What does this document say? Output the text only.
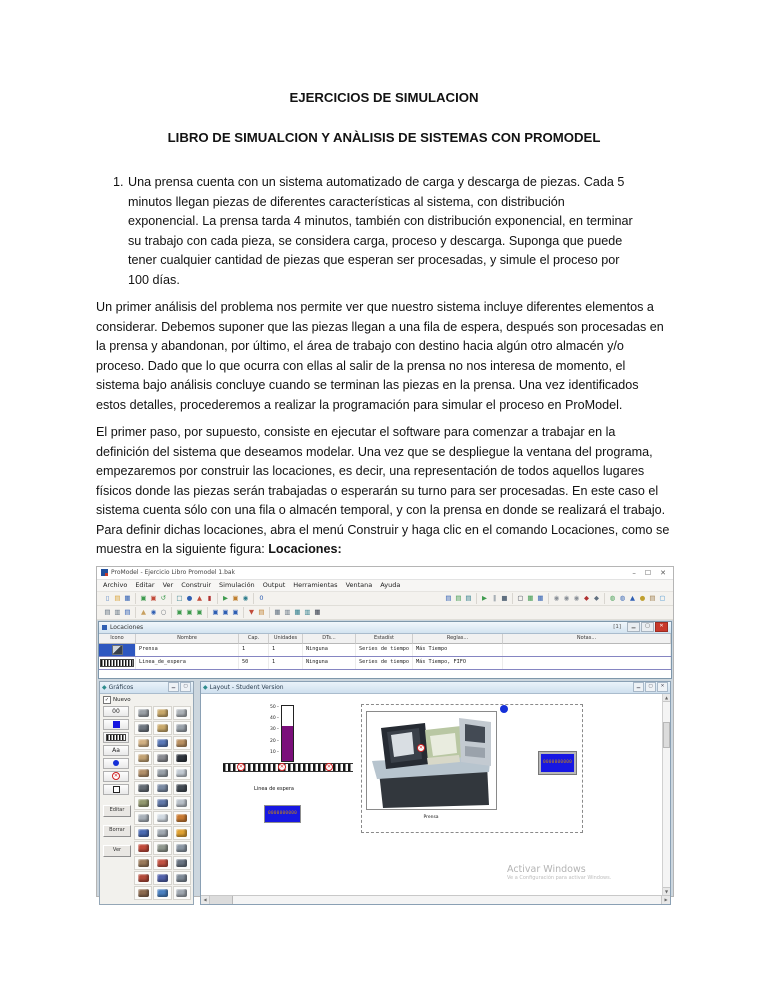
EJERCICIOS DE SIMULACION
LIBRO DE SIMUALCION Y ANÀLISIS DE SISTEMAS CON PROMODEL
1. Una prensa cuenta con un sistema automatizado de carga y descarga de piezas. Cada 5 minutos llegan piezas de diferentes características al sistema, con distribución exponencial. La prensa tarda 4 minutos, también con distribución exponencial, en terminar su trabajo con cada pieza, se considera carga, proceso y descarga. Suponga que puede tener cualquier cantidad de piezas que esperan ser procesadas, y simule el proceso por 100 días.

Un primer análisis del problema nos permite ver que nuestro sistema incluye diferentes elementos a considerar. Debemos suponer que las piezas llegan a una fila de espera, después son procesadas en la prensa y abandonan, por último, el área de trabajo con destino hacia algún otro almacén y/o proceso. Dado que lo que ocurra con ellas al salir de la prensa no nos interesa de momento, el sistema bajo análisis concluye cuando se terminan las piezas en la prensa. Una vez identificados estos detalles, procederemos a realizar la programación para simular el proceso en ProModel.

El primer paso, por supuesto, consiste en ejecutar el software para comenzar a trabajar en la definición del sistema que deseamos modelar. Una vez que se despliegue la ventana del programa, empezaremos por construir las locaciones, es decir, una representación de todos aquellos lugares físicos donde las piezas serán trabajadas o esperarán su turno para ser procesadas. En este caso el sistema cuenta sólo con una fila o almacén temporal, y con la prensa en donde se realizará el trabajo. Para definir dichas locaciones, abra el menú Construir y haga clic en el comando Locaciones, como se muestra en la siguiente figura: Locaciones:

ProModel - Ejercicio Libro Promodel 1.bak	– ☐ ✕
Archivo Editar Ver Construir Simulación Output Herramientas Ventana Ayuda
▯ ▤ ▦ ▣ ▣ ↺ □ ● ▲ ▮	▶ ▣ ◉	0	▤ ▤ ▤	▶ ∥ ■ ▢ ▦ ▦ ◉ ◉ ◉ ◆ ◆	◍ ◍ ▲ ● ▤ ▢
▤ ▥ ▤	▲ ◉ ○ ▣ ▣ ▣ ▣ ▣ ▣	▼ ▤ ▦ ▥ ▦ ▥ ▦
Locaciones	[1]	▁	▢	✕
Icono	Nombre	Cap.	Unidades	DTs...	Estadíst	Reglas...	Notas...
Prensa	1	1	Ninguna	Series de tiempo	Más Tiempo
Linea_de_espera	50	1	Ninguna	Series de tiempo	Más Tiempo, FIFO
◆ Gráficos	▁	▢
✓ Nuevo
00
Aa
✕
Editar
Borrar
Ver
◆ Layout - Student Version	▁	▢	✕
50 –
40 –
30 –
20 –
10 –
✕	✕	✕
Linea de espera
0000000000
✕
0000000000
Prensa
Activar Windows
Ve a Configuración para activar Windows.
▲
▼
◀	▶
